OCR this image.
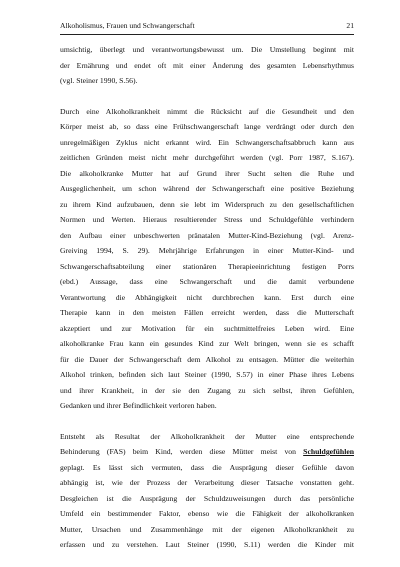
Alkoholismus, Frauen und Schwangerschaft	21

umsichtig, überlegt und verantwortungsbewusst um. Die Umstellung beginnt mit
der Ernährung und endet oft mit einer Änderung des gesamten Lebensrhythmus
(vgl. Steiner 1990, S.56).

Durch eine Alkoholkrankheit nimmt die Rücksicht auf die Gesundheit und den
Körper meist ab, so dass eine Frühschwangerschaft lange verdrängt oder durch den
unregelmäßigen Zyklus nicht erkannt wird. Ein Schwangerschaftsabbruch kann aus
zeitlichen Gründen meist nicht mehr durchgeführt werden (vgl. Porr 1987, S.167).
Die alkoholkranke Mutter hat auf Grund ihrer Sucht selten die Ruhe und
Ausgeglichenheit, um schon während der Schwangerschaft eine positive Beziehung
zu ihrem Kind aufzubauen, denn sie lebt im Widerspruch zu den gesellschaftlichen
Normen und Werten. Hieraus resultierender Stress und Schuldgefühle verhindern
den Aufbau einer unbeschwerten pränatalen Mutter-Kind-Beziehung (vgl. Arenz-
Greiving 1994, S. 29). Mehrjährige Erfahrungen in einer Mutter-Kind- und
Schwangerschaftsabteilung einer stationären Therapieeinrichtung festigen Porrs
(ebd.) Aussage, dass eine Schwangerschaft und die damit verbundene
Verantwortung die Abhängigkeit nicht durchbrechen kann. Erst durch eine
Therapie kann in den meisten Fällen erreicht werden, dass die Mutterschaft
akzeptiert und zur Motivation für ein suchtmittelfreies Leben wird. Eine
alkoholkranke Frau kann ein gesundes Kind zur Welt bringen, wenn sie es schafft
für die Dauer der Schwangerschaft dem Alkohol zu entsagen. Mütter die weiterhin
Alkohol trinken, befinden sich laut Steiner (1990, S.57) in einer Phase ihres Lebens
und ihrer Krankheit, in der sie den Zugang zu sich selbst, ihren Gefühlen,
Gedanken und ihrer Befindlichkeit verloren haben.

Entsteht als Resultat der Alkoholkrankheit der Mutter eine entsprechende
Behinderung (FAS) beim Kind, werden diese Mütter meist von Schuldgefühlen
geplagt. Es lässt sich vermuten, dass die Ausprägung dieser Gefühle davon
abhängig ist, wie der Prozess der Verarbeitung dieser Tatsache vonstatten geht.
Desgleichen ist die Ausprägung der Schuldzuweisungen durch das persönliche
Umfeld ein bestimmender Faktor, ebenso wie die Fähigkeit der alkoholkranken
Mutter, Ursachen und Zusammenhänge mit der eigenen Alkoholkrankheit zu
erfassen und zu verstehen. Laut Steiner (1990, S.11) werden die Kinder mit
